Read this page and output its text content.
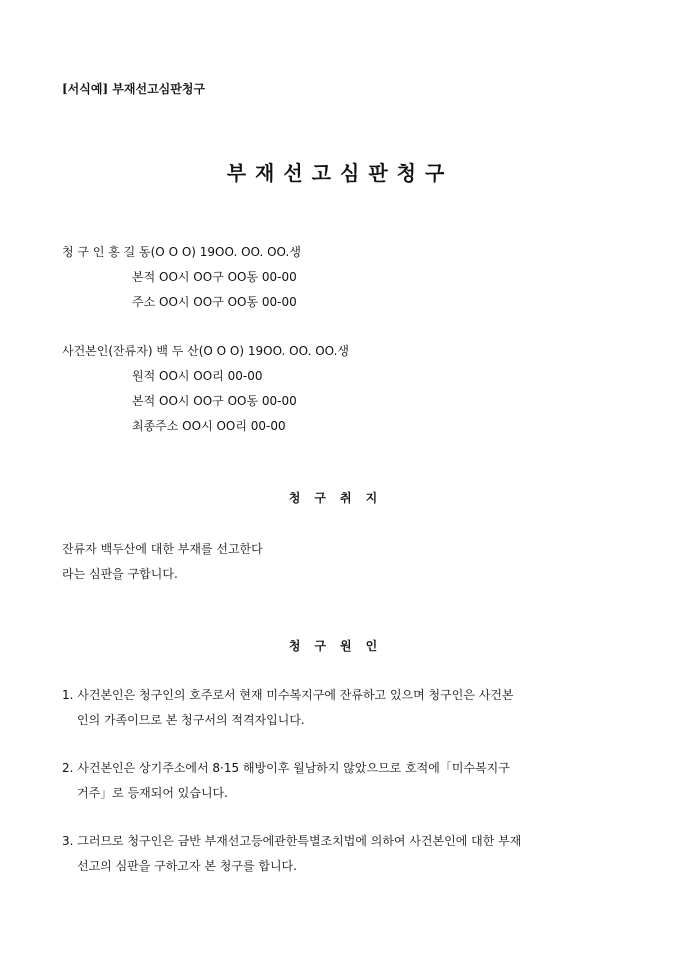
[서식예] 부재선고심판청구
부재선고심판청구
청 구 인 홍 길 동(O O O) 19OO. OO. OO.생
본적 OO시 OO구 OO동 00-00
주소 OO시 OO구 OO동 00-00
사건본인(잔류자) 백 두 산(O O O) 19OO. OO. OO.생
원적 OO시 OO리 00-00
본적 OO시 OO구 OO동 00-00
최종주소 OO시 OO리 00-00
청구취지
잔류자 백두산에 대한 부재를 선고한다
라는 심판을 구합니다.
청구원인
1. 사건본인은 청구인의 호주로서 현재 미수복지구에 잔류하고 있으며 청구인은 사건본
인의 가족이므로 본 청구서의 적격자입니다.
2. 사건본인은 상기주소에서 8·15 해방이후 월남하지 않았으므로 호적에「미수복지구
거주」로 등재되어 있습니다.
3. 그러므로 청구인은 금반 부재선고등에관한특별조치법에 의하여 사건본인에 대한 부재
선고의 심판을 구하고자 본 청구를 합니다.
